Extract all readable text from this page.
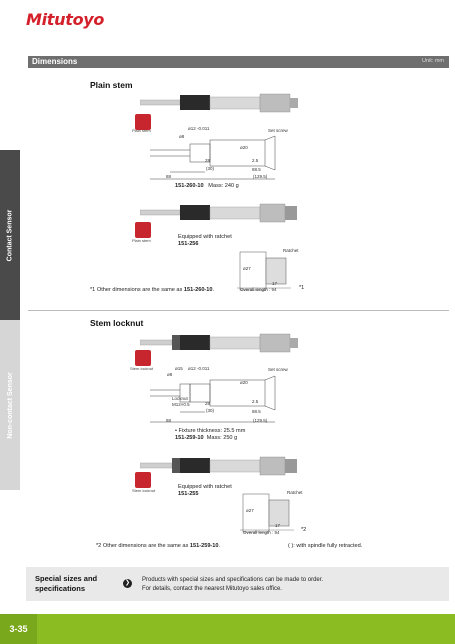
Mitutoyo
Dimensions	Unit: mm
Contact Sensor
Non-contact Sensor
Plain stem
Plain stem
ø8
ø12 -0.011
ø20
Set screw
28
(30)	88.5
88	(129.5)
2.5
151-260-10 Mass: 240 g
Plain stem
Equipped with ratchet
151-256
Ratchet
ø27
17
Overall length : 94	*1
*1 Other dimensions are the same as 151-260-10.
Stem locknut
Stem locknut
ø8
ø15 ø12 -0.011
ø20
Set screw
Locknut
M12×0.5	28
(30)	88.5
88	(129.5)
2.5
• Fixture thickness: 25.5 mm
151-259-10 Mass: 250 g
Stem locknut
Equipped with ratchet
151-255	Ratchet
ø27
17
Overall length : 94	*2
*2 Other dimensions are the same as 151-259-10.	( ): with spindle fully retracted.
Special sizes and
specifications
❯	Products with special sizes and specifications can be made to order.
For details, contact the nearest Mitutoyo sales office.
3-35
